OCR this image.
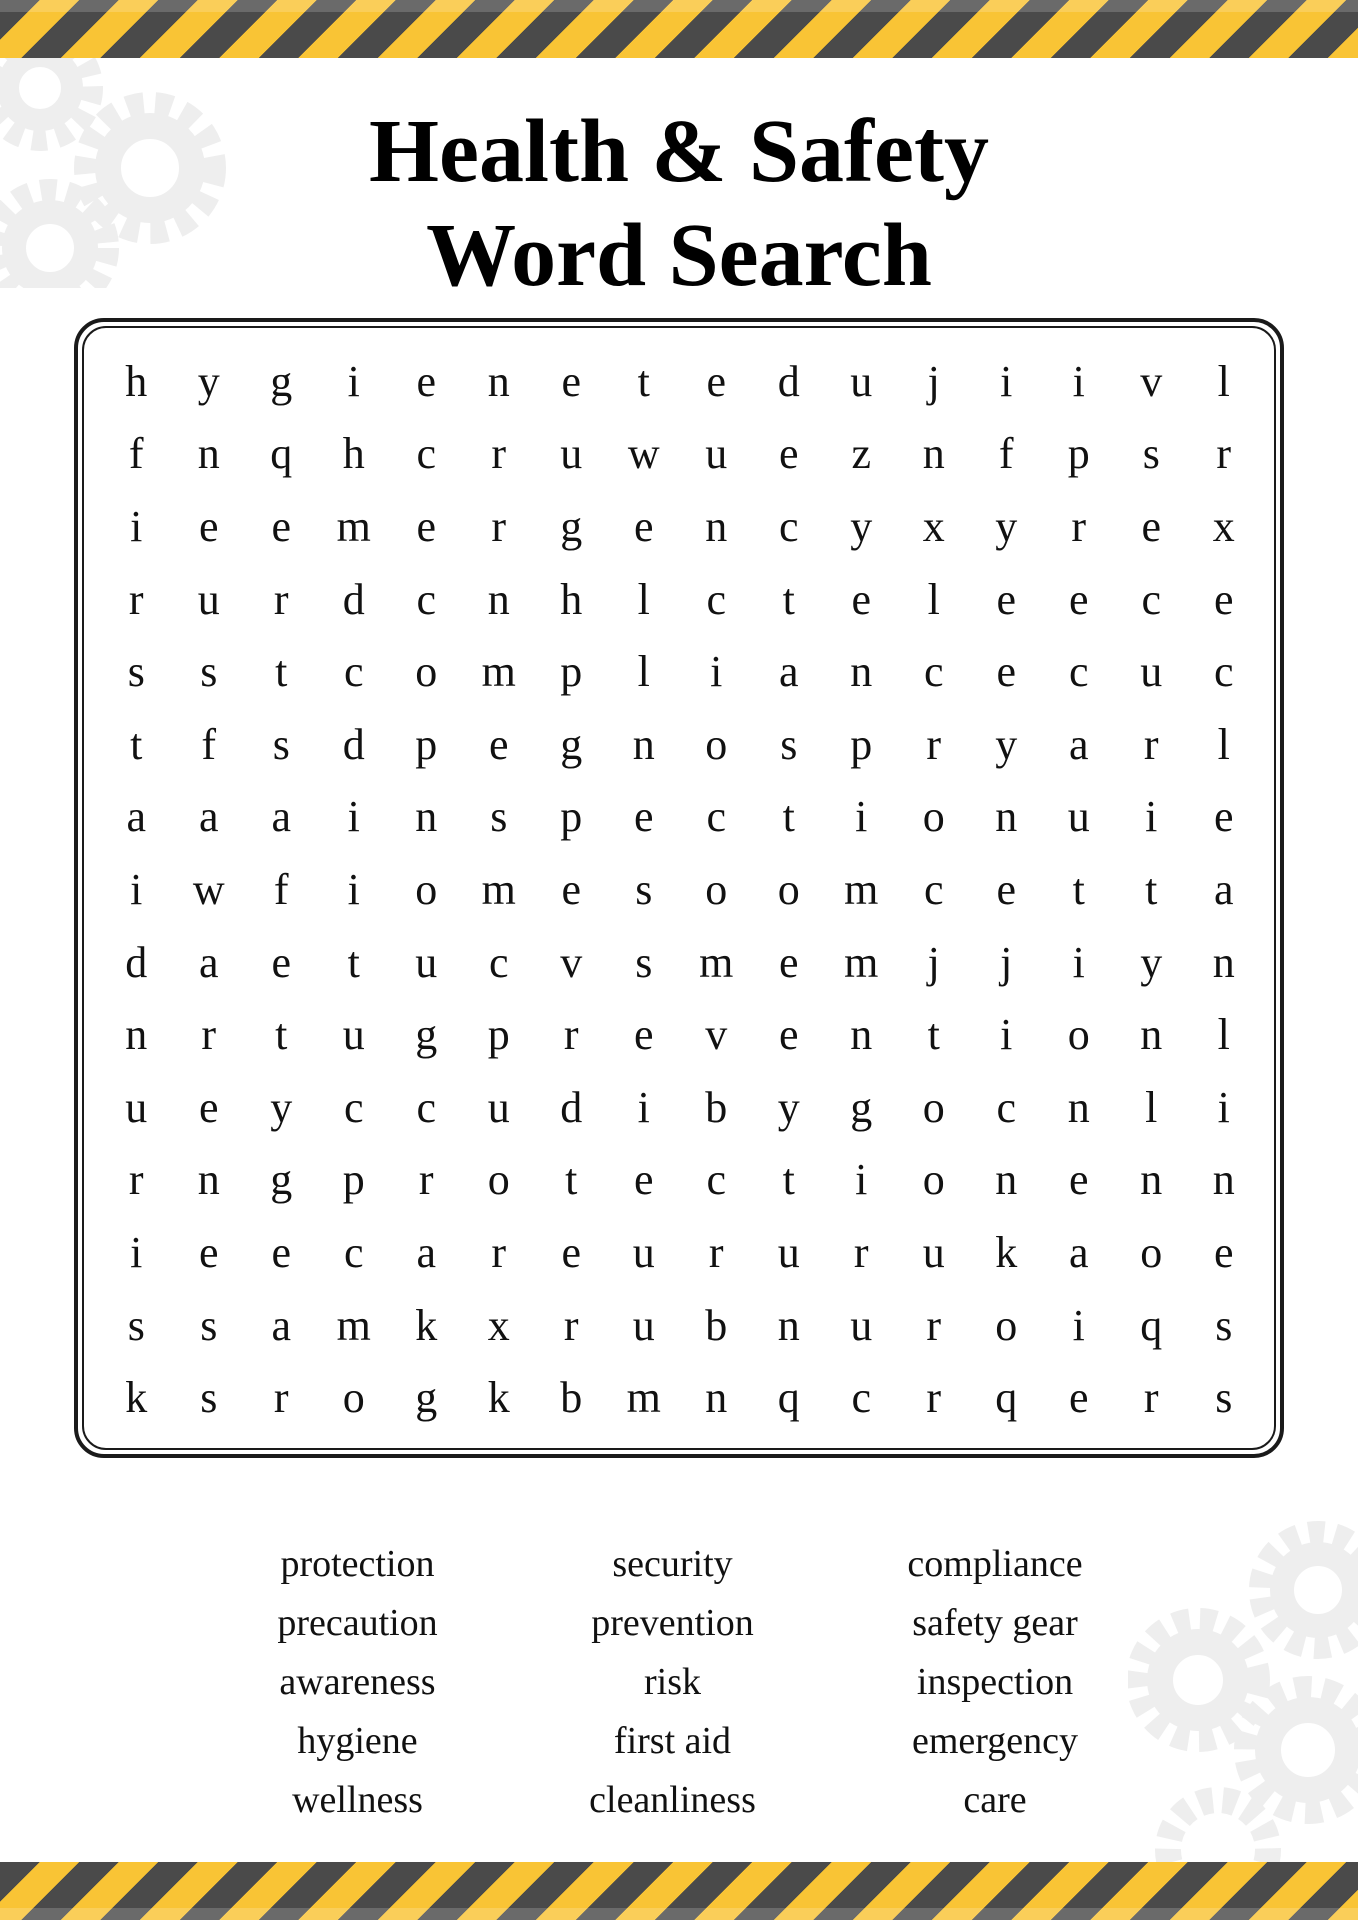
Health & Safety
Word Search
h	y	g	i	e	n	e	t	e	d	u	j	i	i	v	l
f	n	q	h	c	r	u	w	u	e	z	n	f	p	s	r
i	e	e	m	e	r	g	e	n	c	y	x	y	r	e	x
r	u	r	d	c	n	h	l	c	t	e	l	e	e	c	e
s	s	t	c	o	m	p	l	i	a	n	c	e	c	u	c
t	f	s	d	p	e	g	n	o	s	p	r	y	a	r	l
a	a	a	i	n	s	p	e	c	t	i	o	n	u	i	e
i	w	f	i	o	m	e	s	o	o	m	c	e	t	t	a
d	a	e	t	u	c	v	s	m	e	m	j	j	i	y	n
n	r	t	u	g	p	r	e	v	e	n	t	i	o	n	l
u	e	y	c	c	u	d	i	b	y	g	o	c	n	l	i
r	n	g	p	r	o	t	e	c	t	i	o	n	e	n	n
i	e	e	c	a	r	e	u	r	u	r	u	k	a	o	e
s	s	a	m	k	x	r	u	b	n	u	r	o	i	q	s
k	s	r	o	g	k	b	m	n	q	c	r	q	e	r	s
protection
precaution
awareness
hygiene
wellness
security
prevention
risk
first aid
cleanliness
compliance
safety gear
inspection
emergency
care
